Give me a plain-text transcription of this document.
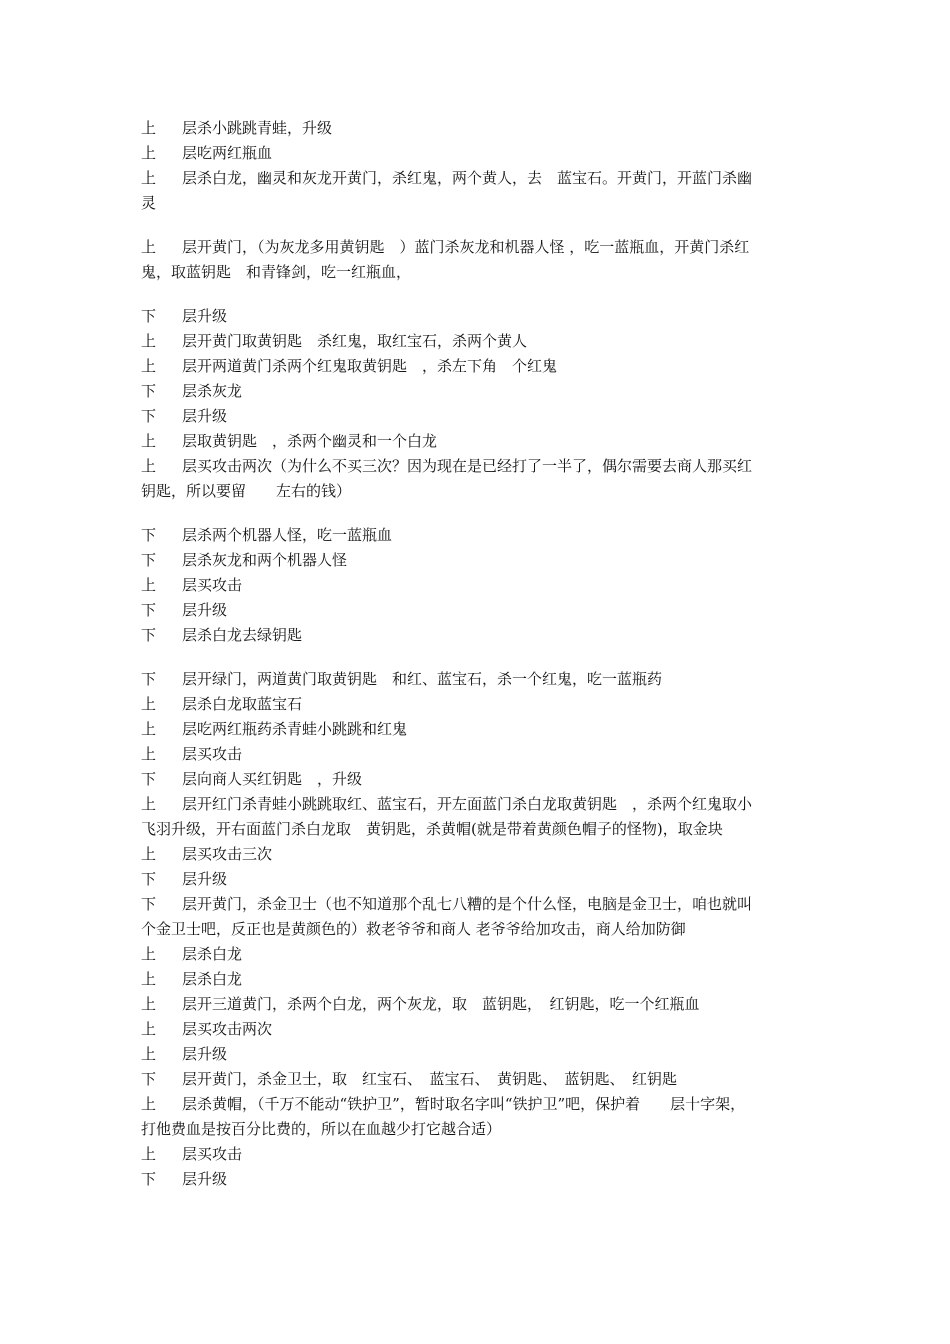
上	层杀小跳跳青蛙，升级
上	层吃两红瓶血
上	层杀白龙，幽灵和灰龙开黄门，杀红鬼，两个黄人，去　蓝宝石。开黄门，开蓝门杀幽
灵
上	层开黄门，（为灰龙多用黄钥匙　）蓝门杀灰龙和机器人怪 ，吃一蓝瓶血，开黄门杀红
鬼，取蓝钥匙　和青锋剑，吃一红瓶血，
下	层升级
上	层开黄门取黄钥匙　杀红鬼，取红宝石，杀两个黄人
上	层开两道黄门杀两个红鬼取黄钥匙　，杀左下角　个红鬼
下	层杀灰龙
下	层升级
上	层取黄钥匙　，杀两个幽灵和一个白龙
上	层买攻击两次（为什么不买三次？因为现在是已经打了一半了，偶尔需要去商人那买红
钥匙，所以要留　　左右的钱）
下	层杀两个机器人怪，吃一蓝瓶血
下	层杀灰龙和两个机器人怪
上	层买攻击
下	层升级
下	层杀白龙去绿钥匙
下	层开绿门，两道黄门取黄钥匙　和红、蓝宝石，杀一个红鬼，吃一蓝瓶药
上	层杀白龙取蓝宝石
上	层吃两红瓶药杀青蛙小跳跳和红鬼
上	层买攻击
下	层向商人买红钥匙　，升级
上	层开红门杀青蛙小跳跳取红、蓝宝石，开左面蓝门杀白龙取黄钥匙　，杀两个红鬼取小
飞羽升级，开右面蓝门杀白龙取　黄钥匙，杀黄帽(就是带着黄颜色帽子的怪物)，取金块
上	层买攻击三次
下	层升级
下	层开黄门，杀金卫士（也不知道那个乱七八糟的是个什么怪，电脑是金卫士，咱也就叫
个金卫士吧，反正也是黄颜色的）救老爷爷和商人 老爷爷给加攻击，商人给加防御
上	层杀白龙
上	层杀白龙
上	层开三道黄门，杀两个白龙，两个灰龙，取　蓝钥匙，　红钥匙，吃一个红瓶血
上	层买攻击两次
上	层升级
下	层开黄门，杀金卫士，取　红宝石、　蓝宝石、　黄钥匙、　蓝钥匙、　红钥匙
上	层杀黄帽，（千万不能动“铁护卫”，暂时取名字叫“铁护卫”吧，保护着　　层十字架，
打他费血是按百分比费的，所以在血越少打它越合适）
上	层买攻击
下	层升级
